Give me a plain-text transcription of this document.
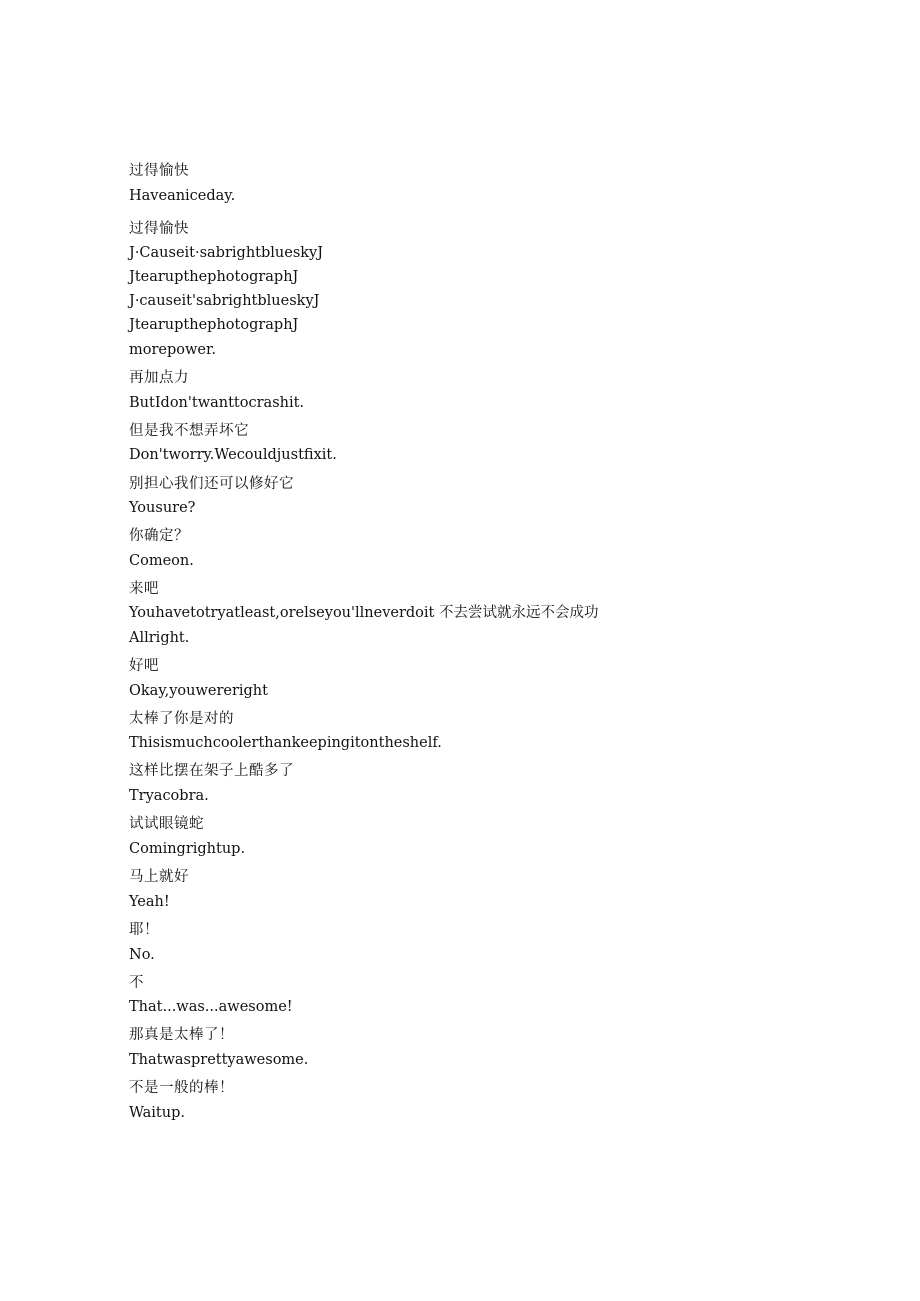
过得愉快
Haveaniceday.
过得愉快
J·Causeit·sabrightblueskyJ
JtearupthephotographJ
J·causeit'sabrightblueskyJ
JtearupthephotographJ
morepower.
再加点力
ButIdon'twanttocrashit.
但是我不想弄坏它
Don'tworry.Wecouldjustfixit.
别担心我们还可以修好它
Yousure?
你确定？
Comeon.
来吧
Youhavetotryatleast,orelseyou'llneverdoit 不去尝试就永远不会成功
Allright.
好吧
Okay,youwereright
太棒了你是对的
Thisismuchcoolerthankeepingitontheshelf.
这样比摆在架子上酷多了
Tryacobra.
试试眼镜蛇
Comingrightup.
马上就好
Yeah!
耶！
No.
不
That...was...awesome!
那真是太棒了！
Thatwasprettyawesome.
不是一般的棒！
Waitup.
